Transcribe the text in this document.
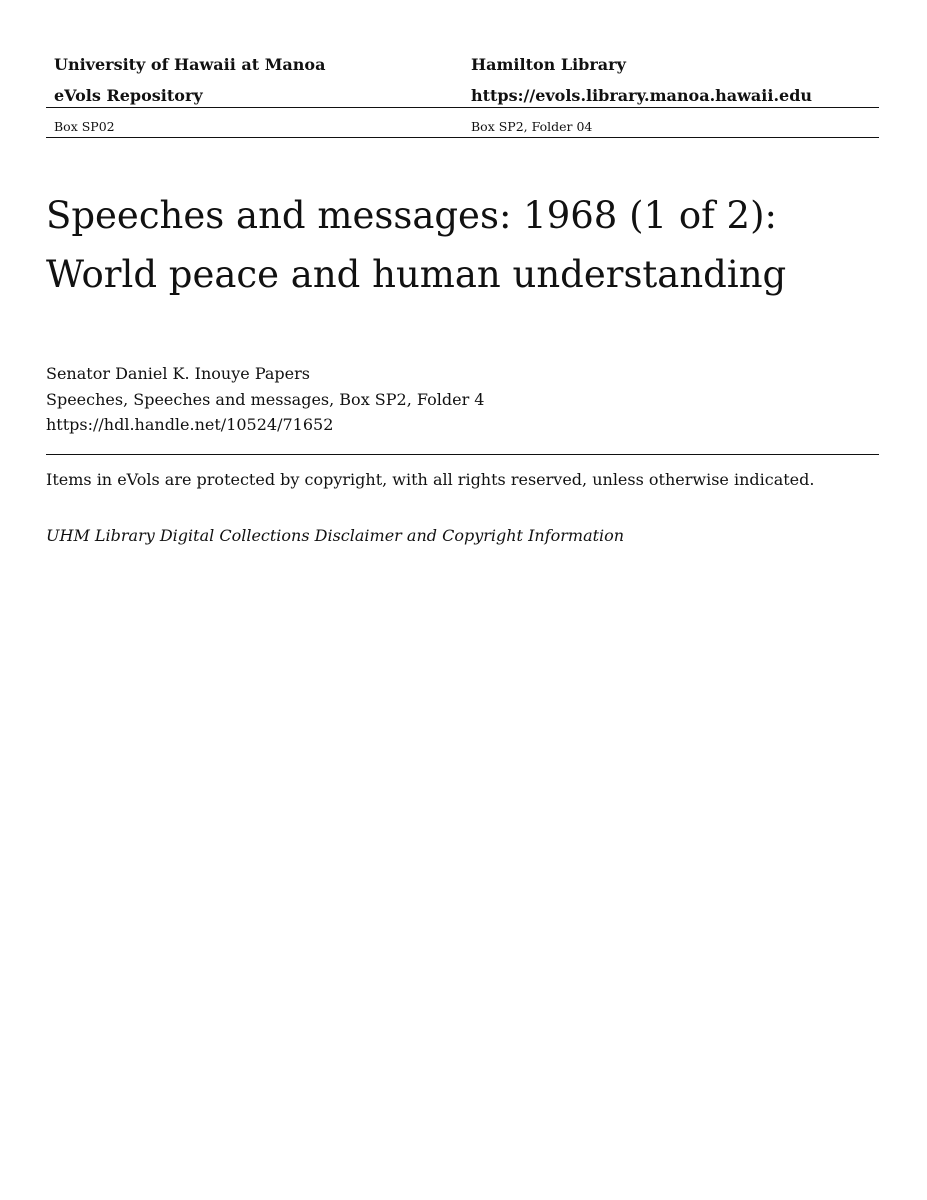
University of Hawaii at Manoa	Hamilton Library
eVols Repository	https://evols.library.manoa.hawaii.edu
Box SP02	Box SP2, Folder 04
Speeches and messages: 1968 (1 of 2):
World peace and human understanding
Senator Daniel K. Inouye Papers
Speeches, Speeches and messages, Box SP2, Folder 4
https://hdl.handle.net/10524/71652
Items in eVols are protected by copyright, with all rights reserved, unless otherwise indicated.
UHM Library Digital Collections Disclaimer and Copyright Information
